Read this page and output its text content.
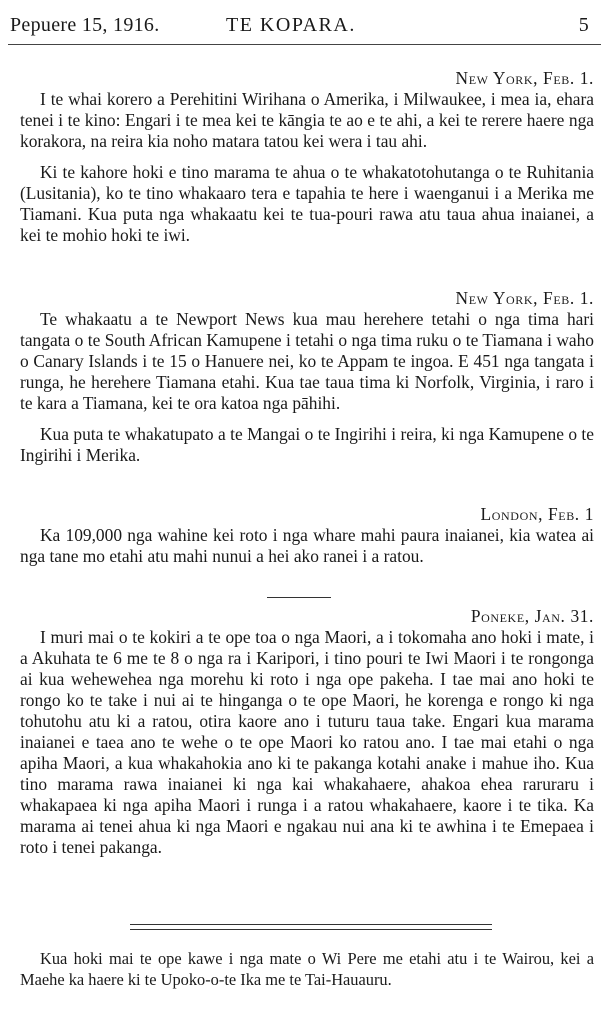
Pepuere 15, 1916.	TE KOPARA.	5
New York, Feb. 1.

I te whai korero a Perehitini Wirihana o Amerika, i Milwaukee, i mea ia, ehara tenei i te kino: Engari i te mea kei te kāngia te ao e te ahi, a kei te rerere haere nga korakora, na reira kia noho matara tatou kei wera i tau ahi.

Ki te kahore hoki e tino marama te ahua o te whakatotohutanga o te Ruhitania (Lusitania), ko te tino whakaaro tera e tapahia te here i waenganui i a Merika me Tiamani. Kua puta nga whakaatu kei te tua-pouri rawa atu taua ahua inaianei, a kei te mohio hoki te iwi.

New York, Feb. 1.

Te whakaatu a te Newport News kua mau herehere tetahi o nga tima hari tangata o te South African Kamupene i tetahi o nga tima ruku o te Tiamana i waho o Canary Islands i te 15 o Hanuere nei, ko te Appam te ingoa. E 451 nga tangata i runga, he herehere Tiamana etahi. Kua tae taua tima ki Norfolk, Virginia, i raro i te kara a Tiamana, kei te ora katoa nga pāhihi.

Kua puta te whakatupato a te Mangai o te Ingirihi i reira, ki nga Kamupene o te Ingirihi i Merika.

London, Feb. 1

Ka 109,000 nga wahine kei roto i nga whare mahi paura inaianei, kia watea ai nga tane mo etahi atu mahi nunui a hei ako ranei i a ratou.

Poneke, Jan. 31.

I muri mai o te kokiri a te ope toa o nga Maori, a i tokomaha ano hoki i mate, i a Akuhata te 6 me te 8 o nga ra i Karipori, i tino pouri te Iwi Maori i te rongonga ai kua wehewehea nga morehu ki roto i nga ope pakeha. I tae mai ano hoki te rongo ko te take i nui ai te hinganga o te ope Maori, he korenga e rongo ki nga tohutohu atu ki a ratou, otira kaore ano i tuturu taua take. Engari kua marama inaianei e taea ano te wehe o te ope Maori ko ratou ano. I tae mai etahi o nga apiha Maori, a kua whakahokia ano ki te pakanga kotahi anake i mahue iho. Kua tino marama rawa inaianei ki nga kai whakahaere, ahakoa ehea raruraru i whakapaea ki nga apiha Maori i runga i a ratou whakahaere, kaore i te tika. Ka marama ai tenei ahua ki nga Maori e ngakau nui ana ki te awhina i te Emepaea i roto i tenei pakanga.

Kua hoki mai te ope kawe i nga mate o Wi Pere me etahi atu i te Wairou, kei a Maehe ka haere ki te Upoko-o-te Ika me te Tai-Hauauru.
